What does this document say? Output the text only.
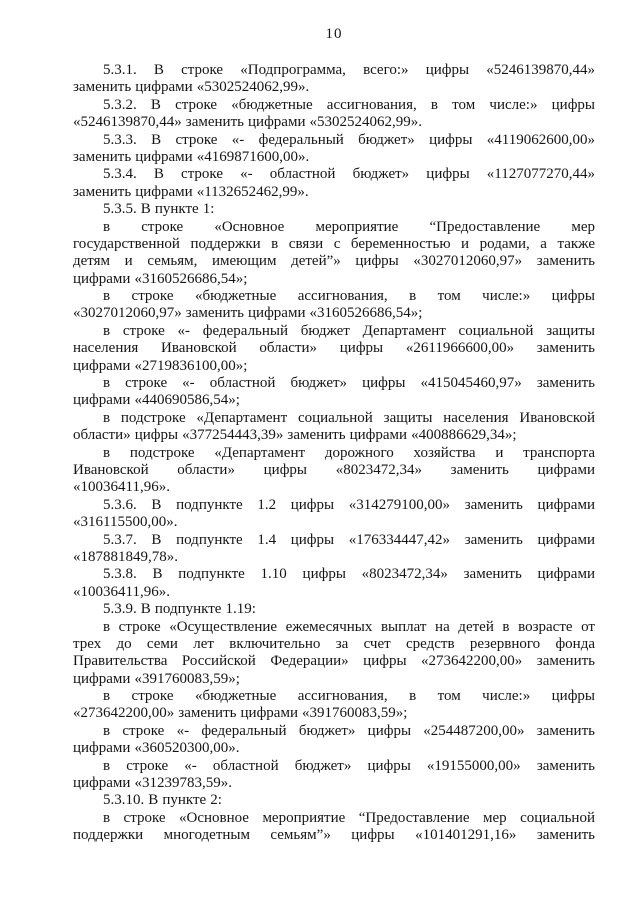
10
5.3.1. В строке «Подпрограмма, всего:» цифры «5246139870,44»
заменить цифрами «5302524062,99».
5.3.2. В строке «бюджетные ассигнования, в том числе:» цифры
«5246139870,44» заменить цифрами «5302524062,99».
5.3.3. В строке «- федеральный бюджет» цифры «4119062600,00»
заменить цифрами «4169871600,00».
5.3.4. В строке «- областной бюджет» цифры «1127077270,44»
заменить цифрами «1132652462,99».
5.3.5. В пункте 1:
в строке «Основное мероприятие “Предоставление мер
государственной поддержки в связи с беременностью и родами, а также
детям и семьям, имеющим детей”» цифры «3027012060,97» заменить
цифрами «3160526686,54»;
в строке «бюджетные ассигнования, в том числе:» цифры
«3027012060,97» заменить цифрами «3160526686,54»;
в строке «- федеральный бюджет Департамент социальной защиты
населения Ивановской области» цифры «2611966600,00» заменить
цифрами «2719836100,00»;
в строке «- областной бюджет» цифры «415045460,97» заменить
цифрами «440690586,54»;
в подстроке «Департамент социальной защиты населения Ивановской
области» цифры «377254443,39» заменить цифрами «400886629,34»;
в подстроке «Департамент дорожного хозяйства и транспорта
Ивановской области» цифры «8023472,34» заменить цифрами
«10036411,96».
5.3.6. В подпункте 1.2 цифры «314279100,00» заменить цифрами
«316115500,00».
5.3.7. В подпункте 1.4 цифры «176334447,42» заменить цифрами
«187881849,78».
5.3.8. В подпункте 1.10 цифры «8023472,34» заменить цифрами
«10036411,96».
5.3.9. В подпункте 1.19:
в строке «Осуществление ежемесячных выплат на детей в возрасте от
трех до семи лет включительно за счет средств резервного фонда
Правительства Российской Федерации» цифры «273642200,00» заменить
цифрами «391760083,59»;
в строке «бюджетные ассигнования, в том числе:» цифры
«273642200,00» заменить цифрами «391760083,59»;
в строке «- федеральный бюджет» цифры «254487200,00» заменить
цифрами «360520300,00».
в строке «- областной бюджет» цифры «19155000,00» заменить
цифрами «31239783,59».
5.3.10. В пункте 2:
в строке «Основное мероприятие “Предоставление мер социальной
поддержки многодетным семьям”» цифры «101401291,16» заменить
